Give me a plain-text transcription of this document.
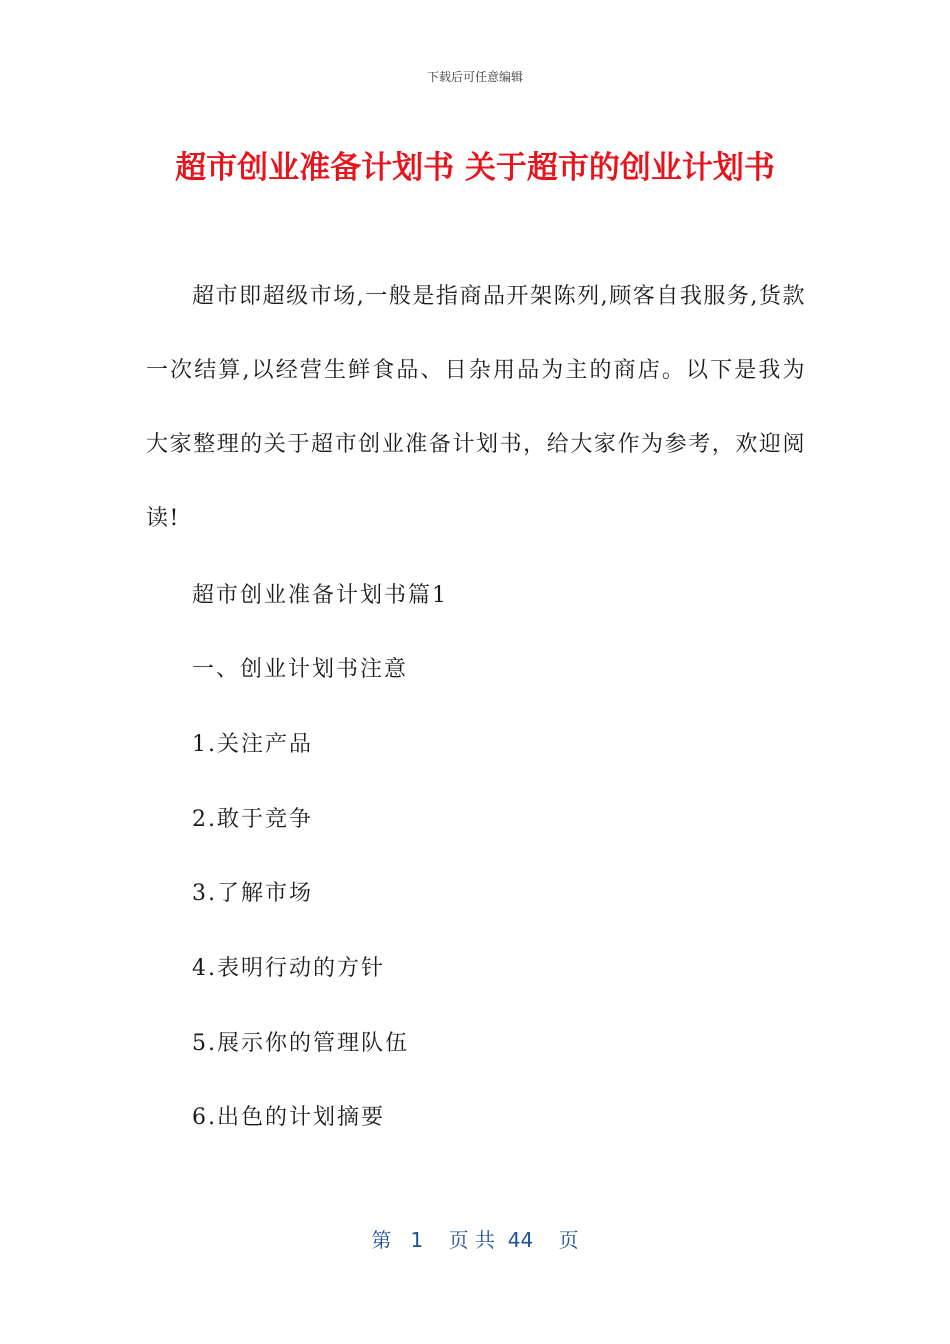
下载后可任意编辑
超市创业准备计划书 关于超市的创业计划书
超市即超级市场,一般是指商品开架陈列,顾客自我服务,货款一次结算,以经营生鲜食品、日杂用品为主的商店。以下是我为大家整理的关于超市创业准备计划书，给大家作为参考，欢迎阅读!
超市创业准备计划书篇1
一、创业计划书注意
1.关注产品
2.敢于竞争
3.了解市场
4.表明行动的方针
5.展示你的管理队伍
6.出色的计划摘要
第 1 页 共 44 页
